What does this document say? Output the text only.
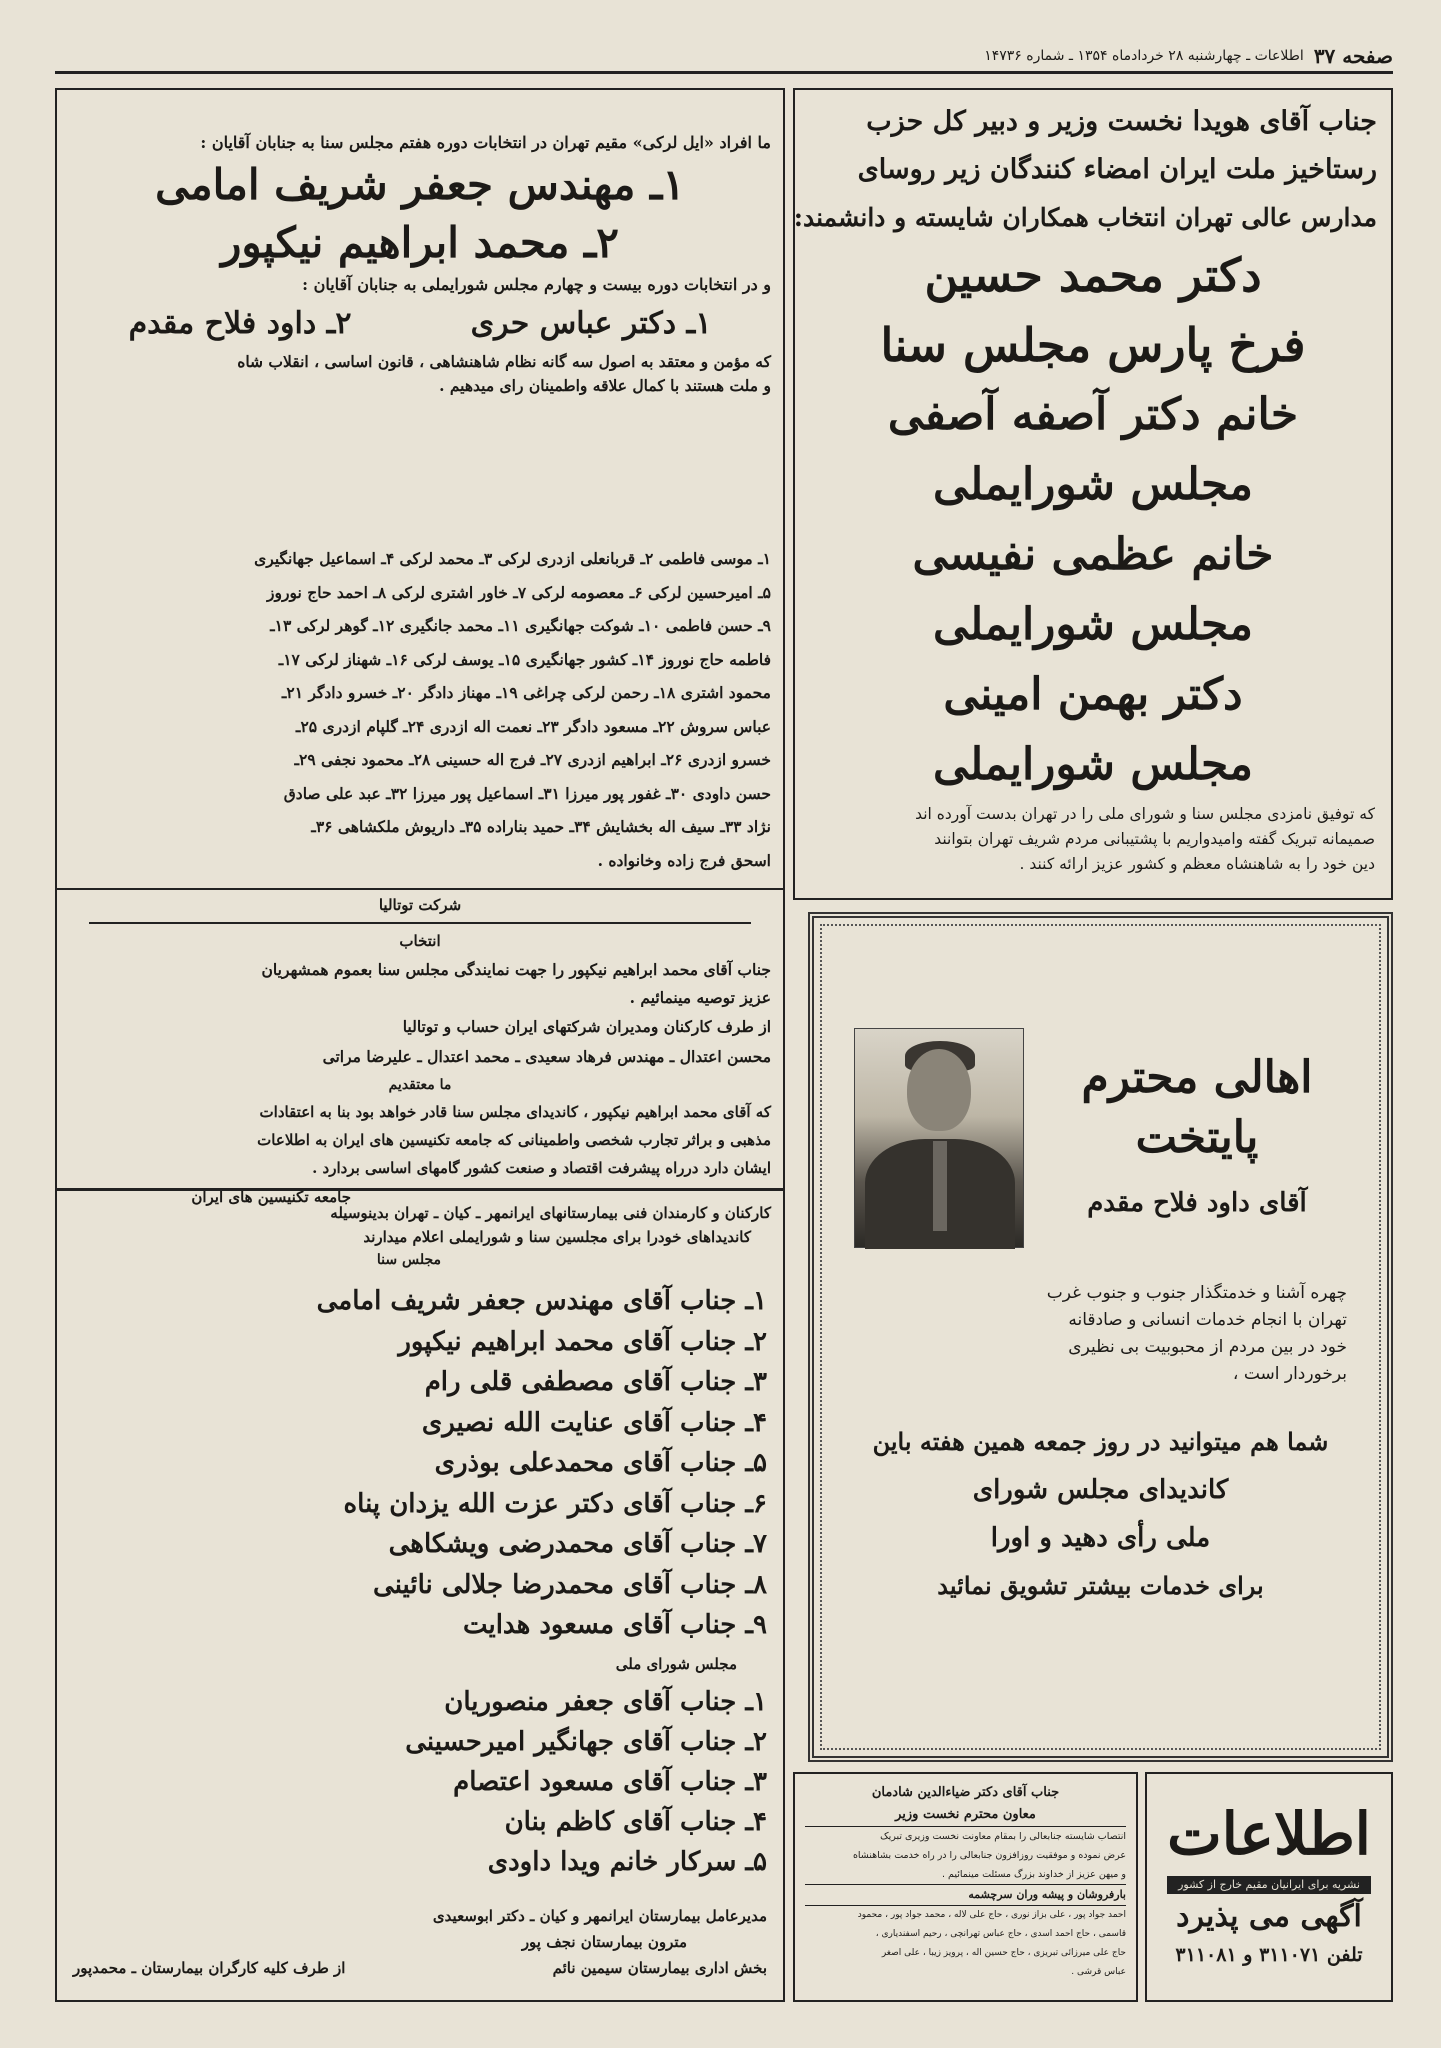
صفحه ۳۷
اطلاعات ـ چهارشنبه ۲۸ خردادماه ۱۳۵۴ ـ شماره ۱۴۷۳۶
جناب آقای هویدا نخست وزیر و دبیر کل حزب
رستاخیز ملت ایران امضاء کنندگان زیر روسای
مدارس عالی تهران انتخاب همکاران شایسته و دانشمند:
دکتر محمد حسین
فرخ پارس مجلس سنا
خانم دکتر آصفه آصفی
مجلس شورایملی
خانم عظمی نفیسی
مجلس شورایملی
دکتر بهمن امینی
مجلس شورایملی
که توفیق نامزدی مجلس سنا و شورای ملی را در تهران بدست آورده اند
صمیمانه تبریک گفته وامیدواریم با پشتیبانی مردم شریف تهران بتوانند
دین خود را به شاهنشاه معظم و کشور عزیز ارائه کنند .
اهالی محترم
پایتخت
آقای داود فلاح مقدم
چهره آشنا و خدمتگذار جنوب و جنوب غرب
تهران با انجام خدمات انسانی و صادقانه
خود در بین مردم از محبوبیت بی نظیری
برخوردار است ،
شما هم میتوانید در روز جمعه همین هفته باین
کاندیدای مجلس شورای
ملی رأی دهید و اورا
برای خدمات بیشتر تشویق نمائید
اطلاعات
نشریه برای ایرانیان مقیم خارج از کشور
آگهی می پذیرد
تلفن ۳۱۱۰۷۱ و ۳۱۱۰۸۱
جناب آقای دکتر ضیاءالدین شادمان
معاون محترم نخست وزیر
انتصاب شایسته جنابعالی را بمقام معاونت نخست وزیری تبریک
عرض نموده و موفقیت روزافزون جنابعالی را در راه خدمت بشاهنشاه
و میهن عزیز از خداوند بزرگ مسئلت مینمائیم .
بارفروشان و پیشه وران سرچشمه
احمد جواد پور ، علی بزاز نوری ، حاج علی لاله ، محمد جواد پور ، محمود
قاسمی ، حاج احمد اسدی ، حاج عباس تهرانچی ، رحیم اسفندیاری ،
حاج علی میرزائی تبریزی ، حاج حسین اله ، پرویز زیبا ، علی اصغر
عباس قرشی .
ما افراد «ایل لرکی» مقیم تهران در انتخابات دوره هفتم مجلس سنا به جنابان آقایان :
۱ـ مهندس جعفر شریف امامی
۲ـ محمد ابراهیم نیکپور
و در انتخابات دوره بیست و چهارم مجلس شورایملی به جنابان آقایان :
۱ـ دکتر عباس حری
۲ـ داود فلاح مقدم
که مؤمن و معتقد به اصول سه گانه نظام شاهنشاهی ، قانون اساسی ، انقلاب شاه
و ملت هستند با کمال علاقه واطمینان رای میدهیم .
۱ـ موسی فاطمی ۲ـ قربانعلی ازدری لرکی ۳ـ محمد لرکی ۴ـ اسماعیل جهانگیری
۵ـ امیرحسین لرکی ۶ـ معصومه لرکی ۷ـ خاور اشتری لرکی ۸ـ احمد حاج نوروز
۹ـ حسن فاطمی ۱۰ـ شوکت جهانگیری ۱۱ـ محمد جانگیری ۱۲ـ گوهر لرکی ۱۳ـ
فاطمه حاج نوروز ۱۴ـ کشور جهانگیری ۱۵ـ یوسف لرکی ۱۶ـ شهناز لرکی ۱۷ـ
محمود اشتری ۱۸ـ رحمن لرکی چراغی ۱۹ـ مهناز دادگر ۲۰ـ خسرو دادگر ۲۱ـ
عباس سروش ۲۲ـ مسعود دادگر ۲۳ـ نعمت اله ازدری ۲۴ـ گلپام ازدری ۲۵ـ
خسرو ازدری ۲۶ـ ابراهیم ازدری ۲۷ـ فرج اله حسینی ۲۸ـ محمود نجفی ۲۹ـ
حسن داودی ۳۰ـ غفور پور میرزا ۳۱ـ اسماعیل پور میرزا ۳۲ـ عبد علی صادق
نژاد ۳۳ـ سیف اله بخشایش ۳۴ـ حمید بناراده ۳۵ـ داریوش ملکشاهی ۳۶ـ
اسحق فرج زاده وخانواده .
شرکت توتالیا
انتخاب
جناب آقای محمد ابراهیم نیکپور را جهت نمایندگی مجلس سنا بعموم همشهریان
عزیز توصیه مینمائیم .
از طرف کارکنان ومدیران شرکتهای ایران حساب و توتالیا
محسن اعتدال ـ مهندس فرهاد سعیدی ـ محمد اعتدال ـ علیرضا مراتی
ما معتقدیم
که آقای محمد ابراهیم نیکپور ، کاندیدای مجلس سنا قادر خواهد بود بنا به اعتقادات
مذهبی و براثر تجارب شخصی واطمینانی که جامعه تکنیسین های ایران به اطلاعات
ایشان دارد درراه پیشرفت اقتصاد و صنعت کشور گامهای اساسی بردارد .
جامعه تکنیسین های ایران
کارکنان و کارمندان فنی بیمارستانهای ایرانمهر ـ کیان ـ تهران بدینوسیله
کاندیداهای خودرا برای مجلسین سنا و شورایملی اعلام میدارند
مجلس سنا
۱ـ جناب آقای مهندس جعفر شریف امامی
۲ـ جناب آقای محمد ابراهیم نیکپور
۳ـ جناب آقای مصطفی قلی رام
۴ـ جناب آقای عنایت الله نصیری
۵ـ جناب آقای محمدعلی بوذری
۶ـ جناب آقای دکتر عزت الله یزدان پناه
۷ـ جناب آقای محمدرضی ویشکاهی
۸ـ جناب آقای محمدرضا جلالی نائینی
۹ـ جناب آقای مسعود هدایت
مجلس شورای ملی
۱ـ جناب آقای جعفر منصوریان
۲ـ جناب آقای جهانگیر امیرحسینی
۳ـ جناب آقای مسعود اعتصام
۴ـ جناب آقای کاظم بنان
۵ـ سرکار خانم ویدا داودی
مدیرعامل بیمارستان ایرانمهر و کیان ـ دکتر ابوسعیدی
مترون بیمارستان نجف پور
بخش اداری بیمارستان سیمین نائم
از طرف کلیه کارگران بیمارستان ـ محمدپور
